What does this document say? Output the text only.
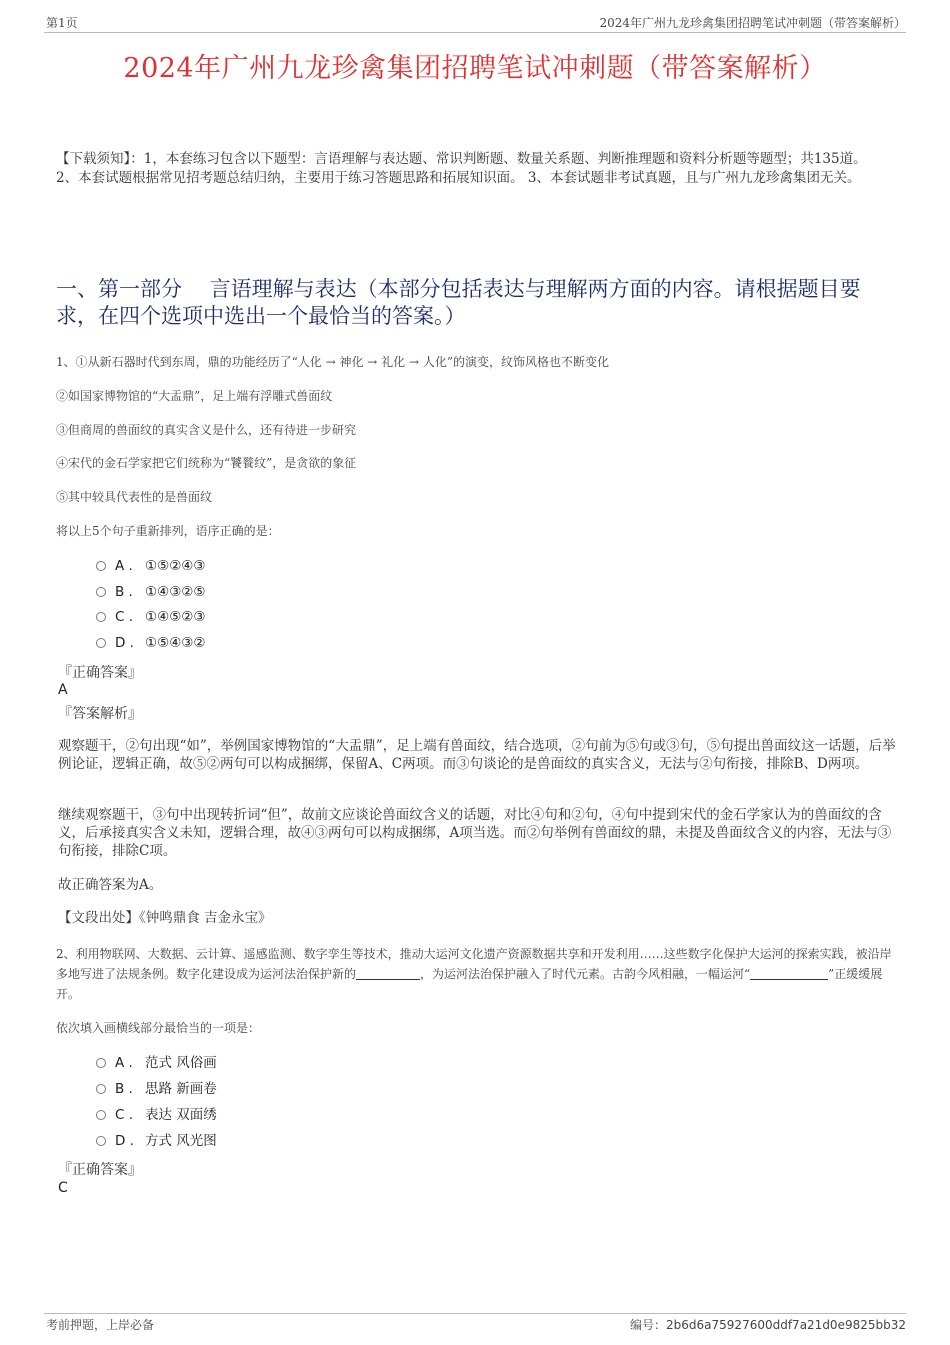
第1页	2024年广州九龙珍禽集团招聘笔试冲刺题（带答案解析）
2024年广州九龙珍禽集团招聘笔试冲刺题（带答案解析）
【下载须知】：1，本套练习包含以下题型：言语理解与表达题、常识判断题、数量关系题、判断推理题和资料分析题等题型；共135道。 2、本套试题根据常见招考题总结归纳，主要用于练习答题思路和拓展知识面。 3、本套试题非考试真题，且与广州九龙珍禽集团无关。
一、第一部分　 言语理解与表达（本部分包括表达与理解两方面的内容。请根据题目要求，在四个选项中选出一个最恰当的答案。）
1、①从新石器时代到东周，鼎的功能经历了“人化 → 神化 → 礼化 → 人化”的演变，纹饰风格也不断变化
②如国家博物馆的“大盂鼎”，足上端有浮雕式兽面纹
③但商周的兽面纹的真实含义是什么，还有待进一步研究
④宋代的金石学家把它们统称为“饕餮纹”，是贪欲的象征
⑤其中较具代表性的是兽面纹
将以上5个句子重新排列，语序正确的是：
A . ①⑤②④③
B . ①④③②⑤
C . ①④⑤②③
D . ①⑤④③②
『正确答案』
A
『答案解析』
观察题干，②句出现“如”，举例国家博物馆的“大盂鼎”，足上端有兽面纹，结合选项，②句前为⑤句或③句，⑤句提出兽面纹这一话题，后举例论证，逻辑正确，故⑤②两句可以构成捆绑，保留A、C两项。而③句谈论的是兽面纹的真实含义，无法与②句衔接，排除B、D两项。
继续观察题干，③句中出现转折词“但”，故前文应谈论兽面纹含义的话题，对比④句和②句，④句中提到宋代的金石学家认为的兽面纹的含义，后承接真实含义未知，逻辑合理，故④③两句可以构成捆绑，A项当选。而②句举例有兽面纹的鼎，未提及兽面纹含义的内容，无法与③句衔接，排除C项。
故正确答案为A。
【文段出处】《钟鸣鼎食 吉金永宝》
2、利用物联网、大数据、云计算、遥感监测、数字孪生等技术，推动大运河文化遗产资源数据共享和开发利用……这些数字化保护大运河的探索实践，被沿岸多地写进了法规条例。数字化建设成为运河法治保护新的	，为运河法治保护融入了时代元素。古韵今风相融，一幅运河“	”正缓缓展开。
依次填入画横线部分最恰当的一项是：
A . 范式 风俗画
B . 思路 新画卷
C . 表达 双面绣
D . 方式 风光图
『正确答案』
C
考前押题，上岸必备	编号：2b6d6a75927600ddf7a21d0e9825bb32
